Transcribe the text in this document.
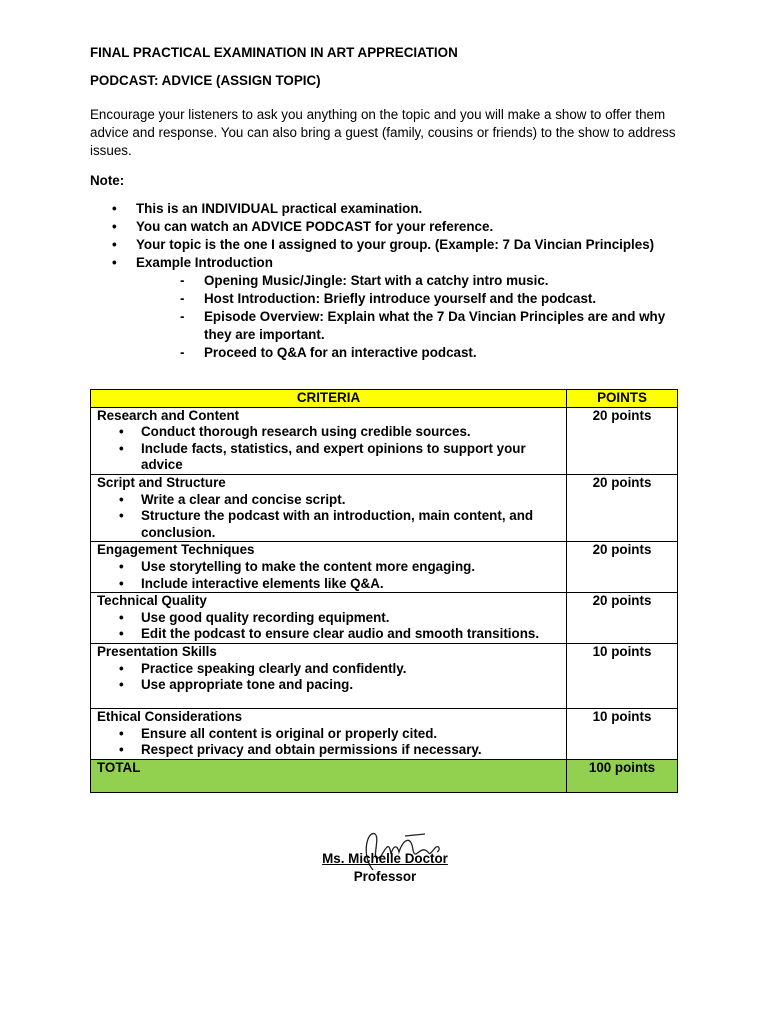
FINAL PRACTICAL EXAMINATION IN ART APPRECIATION

PODCAST: ADVICE (ASSIGN TOPIC)

Encourage your listeners to ask you anything on the topic and you will make a show to offer them advice and response. You can also bring a guest (family, cousins or friends) to the show to address issues.
Note:
• This is an INDIVIDUAL practical examination.
• You can watch an ADVICE PODCAST for your reference.
• Your topic is the one I assigned to your group. (Example: 7 Da Vincian Principles)
• Example Introduction
- Opening Music/Jingle: Start with a catchy intro music.
- Host Introduction: Briefly introduce yourself and the podcast.
- Episode Overview: Explain what the 7 Da Vincian Principles are and why they are important.
- Proceed to Q&A for an interactive podcast.
CRITERIA	POINTS

Research and Content
• Conduct thorough research using credible sources.
• Include facts, statistics, and expert opinions to support your advice	20 points

Script and Structure
• Write a clear and concise script.
• Structure the podcast with an introduction, main content, and conclusion.	20 points

Engagement Techniques
• Use storytelling to make the content more engaging.
• Include interactive elements like Q&A.	20 points

Technical Quality
• Use good quality recording equipment.
• Edit the podcast to ensure clear audio and smooth transitions.	20 points

Presentation Skills
• Practice speaking clearly and confidently.
• Use appropriate tone and pacing.	10 points

Ethical Considerations
• Ensure all content is original or properly cited.
• Respect privacy and obtain permissions if necessary.	10 points
TOTAL	100 points
Ms. Michelle Doctor
Professor
